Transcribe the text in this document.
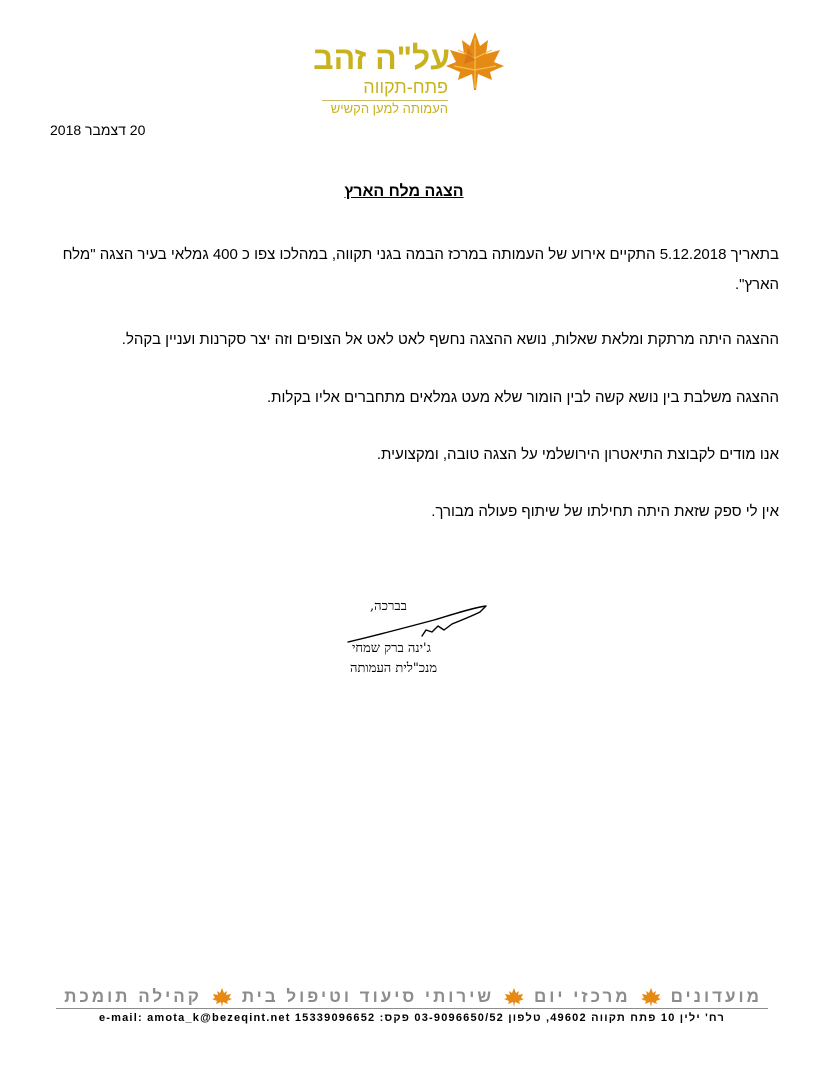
על"ה זהב
פתח-תקווה
העמותה למען הקשיש
20 דצמבר 2018
הצגה מלח הארץ
בתאריך 5.12.2018 התקיים אירוע של העמותה במרכז הבמה בגני תקווה, במהלכו צפו כ 400 גמלאי בעיר הצגה "מלח הארץ".
ההצגה היתה מרתקת ומלאת שאלות, נושא ההצגה נחשף לאט לאט אל הצופים וזה יצר סקרנות ועניין בקהל.
ההצגה משלבת בין נושא קשה לבין הומור שלא מעט גמלאים מתחברים אליו בקלות.
אנו מודים לקבוצת התיאטרון הירושלמי על הצגה טובה, ומקצועית.
אין לי ספק שזאת היתה תחילתו של שיתוף פעולה מבורך.
בברכה,
ג'ינה ברק שמחי
מנכ"לית העמותה
מועדונים
מרכזי יום
שירותי סיעוד וטיפול בית
קהילה תומכת
רח' ילין 10 פתח תקווה 49602, טלפון 03-9096650/52 פקס: 15339096652 e-mail: amota_k@bezeqint.net
